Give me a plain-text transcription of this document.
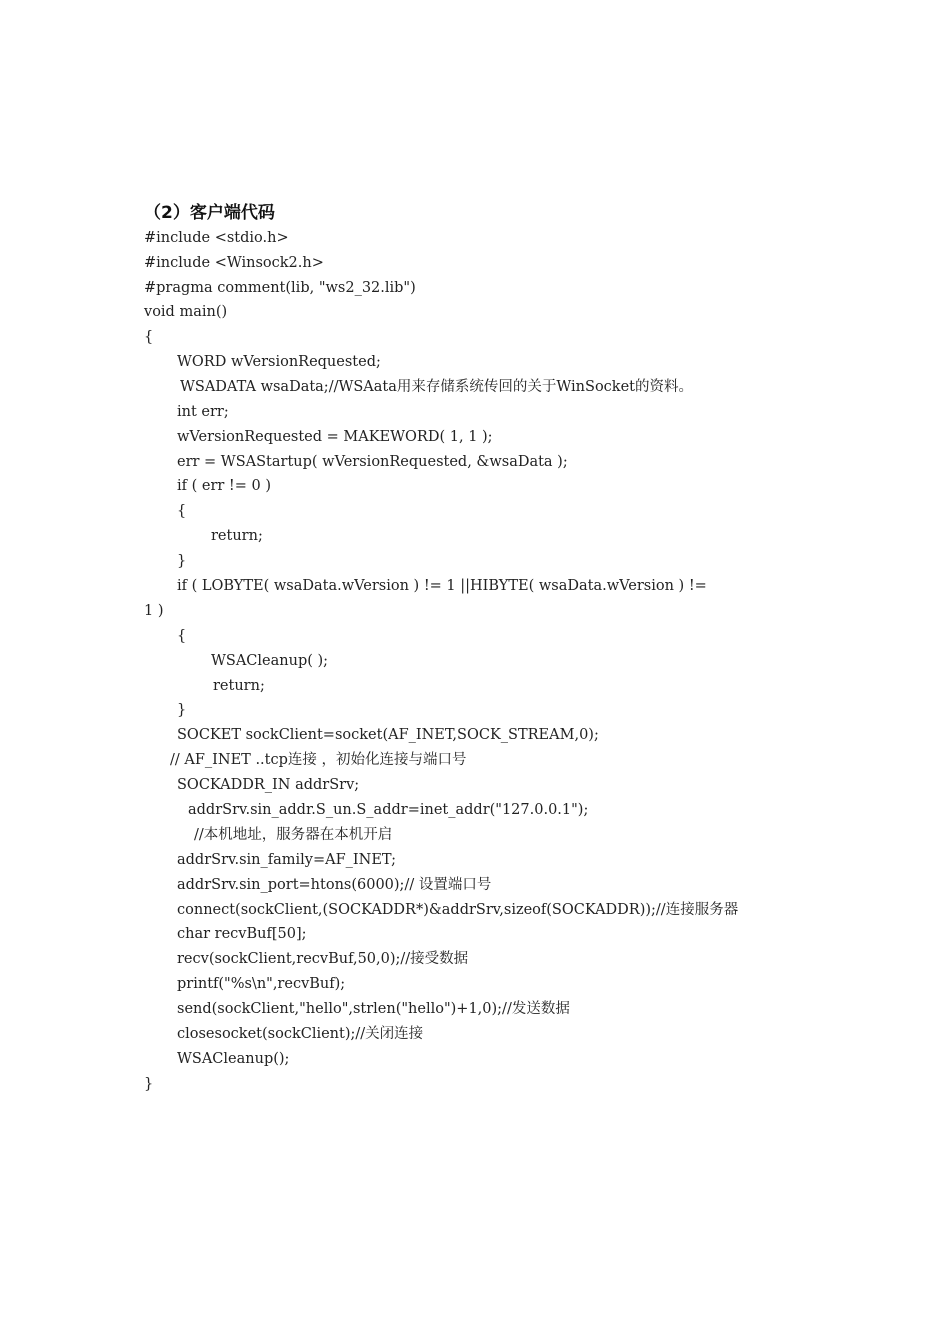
（2）客户端代码
#include <stdio.h>
#include <Winsock2.h>
#pragma comment(lib, "ws2_32.lib")
void main()
{
WORD wVersionRequested;
WSADATA wsaData;//WSAata用来存储系统传回的关于WinSocket的资料。
int err;
wVersionRequested = MAKEWORD( 1, 1 );
err = WSAStartup( wVersionRequested, &wsaData );
if ( err != 0 )
{
return;
}
if ( LOBYTE( wsaData.wVersion ) != 1 ||HIBYTE( wsaData.wVersion ) !=
1 )
{
WSACleanup( );
return;
}
SOCKET sockClient=socket(AF_INET,SOCK_STREAM,0);
// AF_INET ..tcp连接 ，初始化连接与端口号
SOCKADDR_IN addrSrv;
addrSrv.sin_addr.S_un.S_addr=inet_addr("127.0.0.1");
//本机地址，服务器在本机开启
addrSrv.sin_family=AF_INET;
addrSrv.sin_port=htons(6000);// 设置端口号
connect(sockClient,(SOCKADDR*)&addrSrv,sizeof(SOCKADDR));//连接服务器
char recvBuf[50];
recv(sockClient,recvBuf,50,0);//接受数据
printf("%s\n",recvBuf);
send(sockClient,"hello",strlen("hello")+1,0);//发送数据
closesocket(sockClient);//关闭连接
WSACleanup();
}
